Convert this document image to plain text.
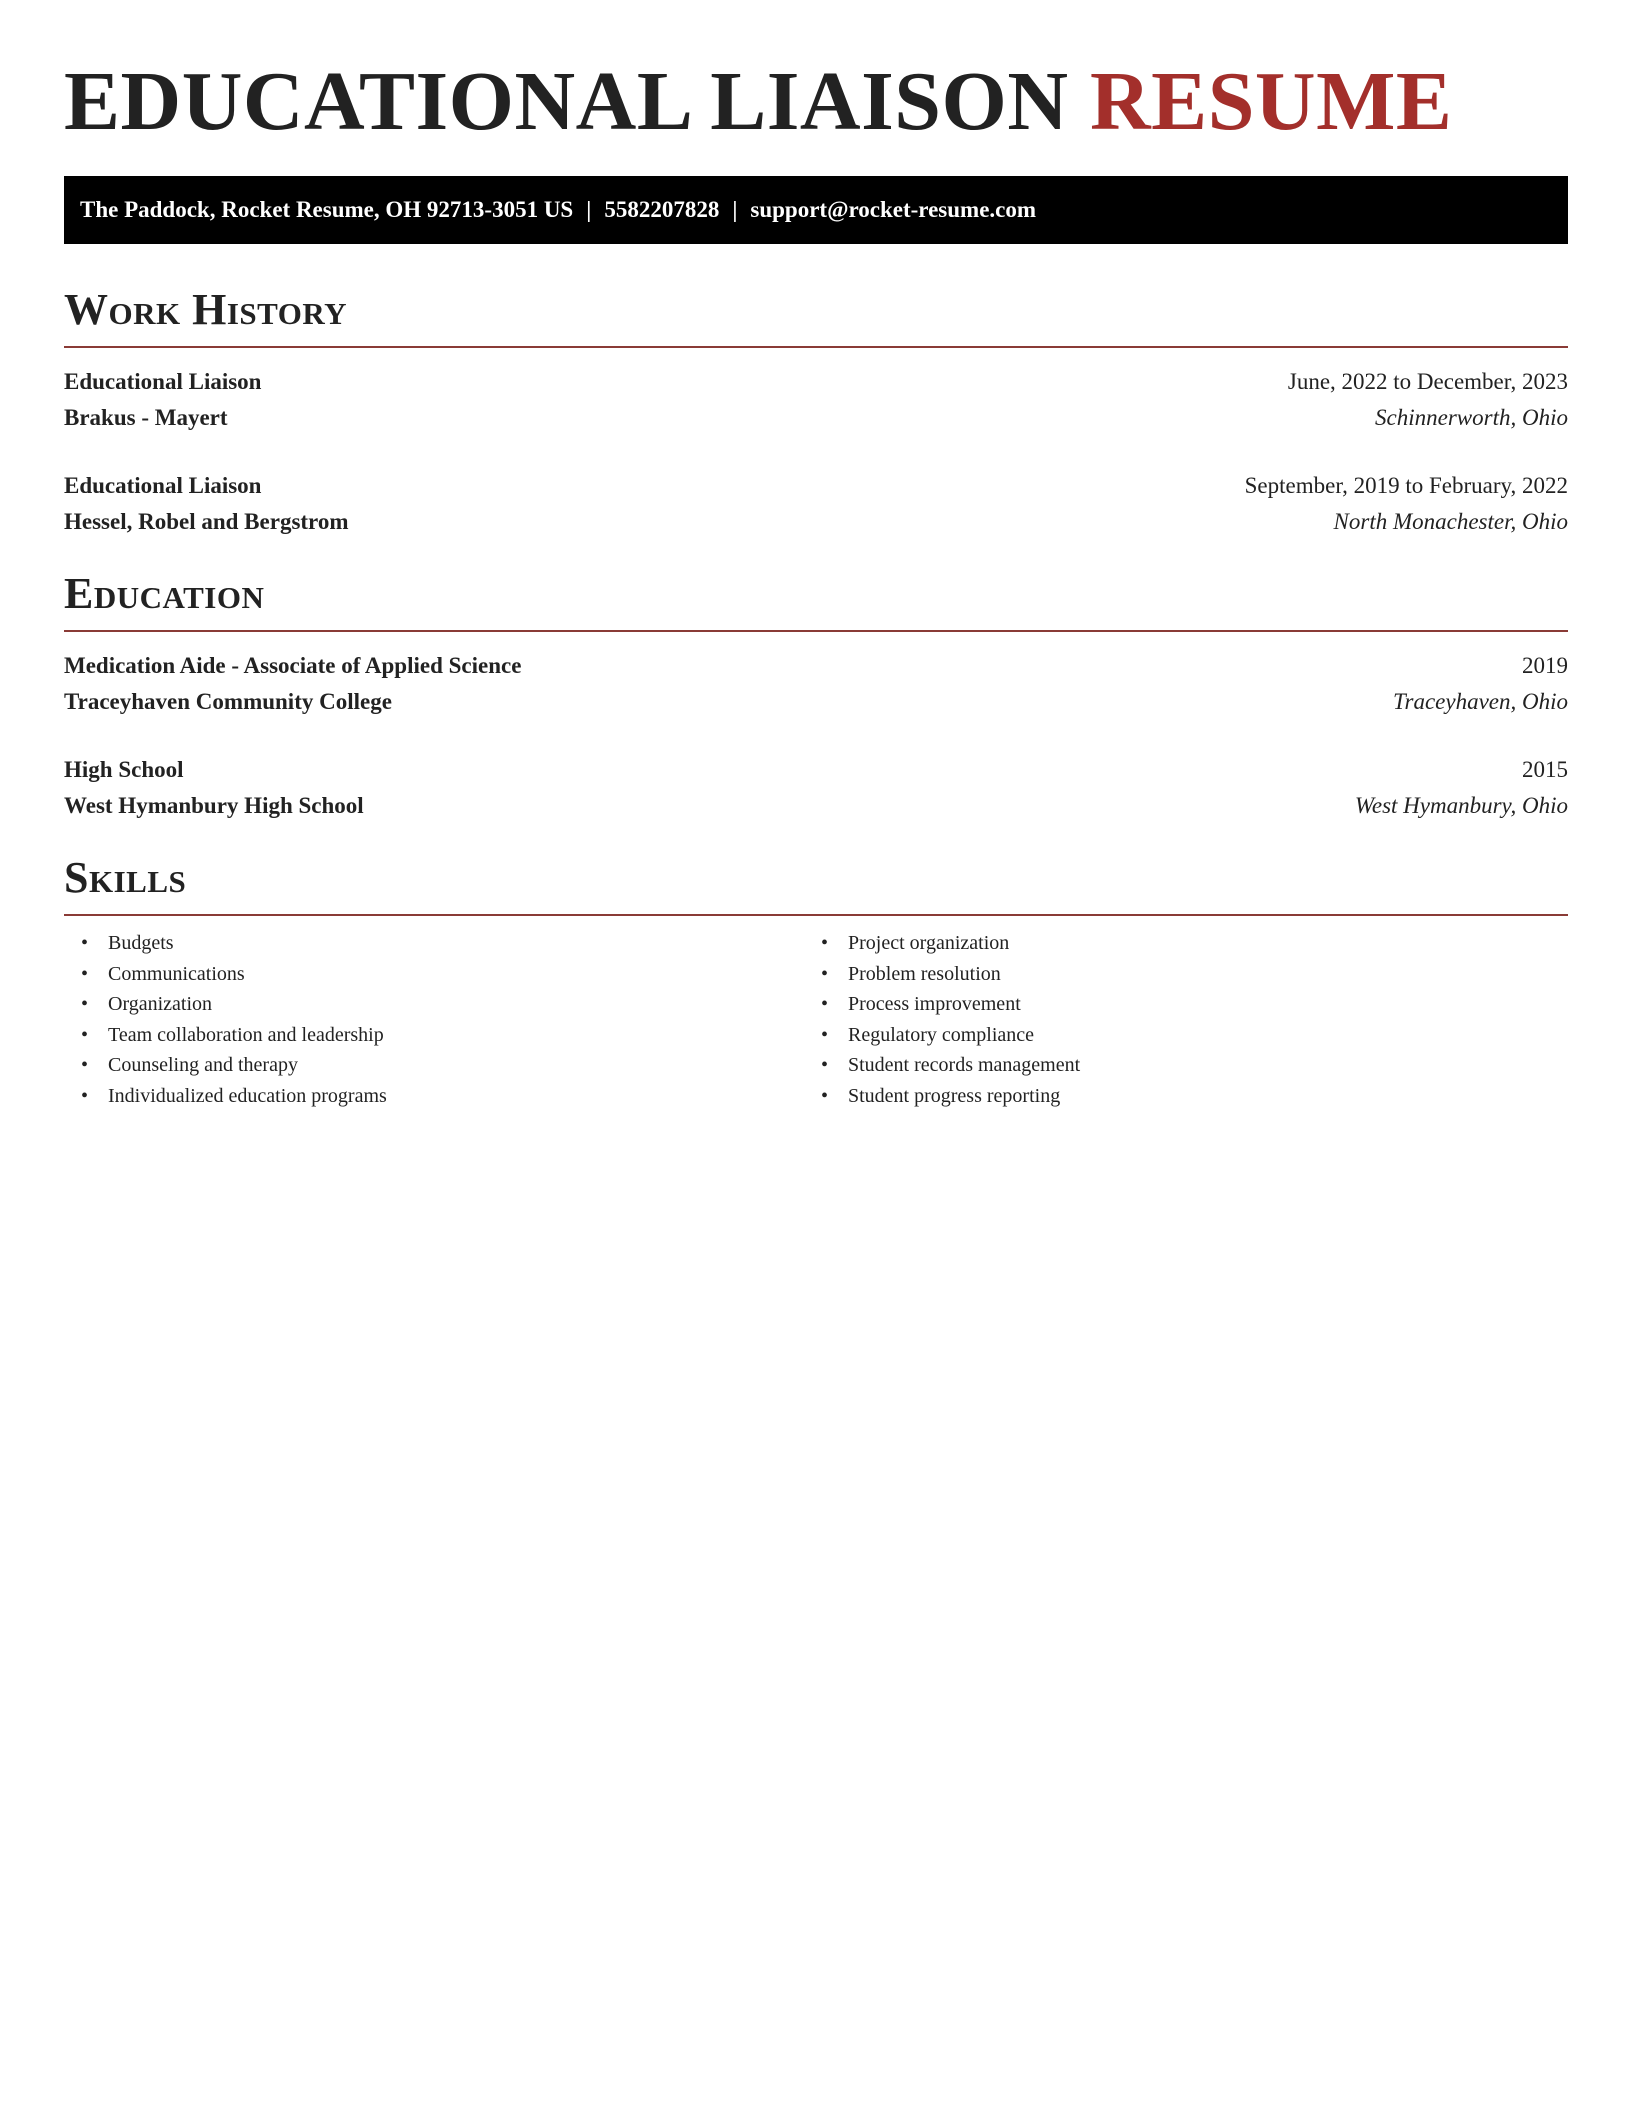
EDUCATIONAL LIAISON RESUME
The Paddock, Rocket Resume, OH 92713-3051 US | 5582207828 | support@rocket-resume.com
Work History
Educational Liaison	June, 2022 to December, 2023
Brakus - Mayert	Schinnerworth, Ohio
Educational Liaison	September, 2019 to February, 2022
Hessel, Robel and Bergstrom	North Monachester, Ohio
Education
Medication Aide - Associate of Applied Science	2019
Traceyhaven Community College	Traceyhaven, Ohio
High School	2015
West Hymanbury High School	West Hymanbury, Ohio
Skills
• Budgets
• Communications
• Organization
• Team collaboration and leadership
• Counseling and therapy
• Individualized education programs
• Project organization
• Problem resolution
• Process improvement
• Regulatory compliance
• Student records management
• Student progress reporting
